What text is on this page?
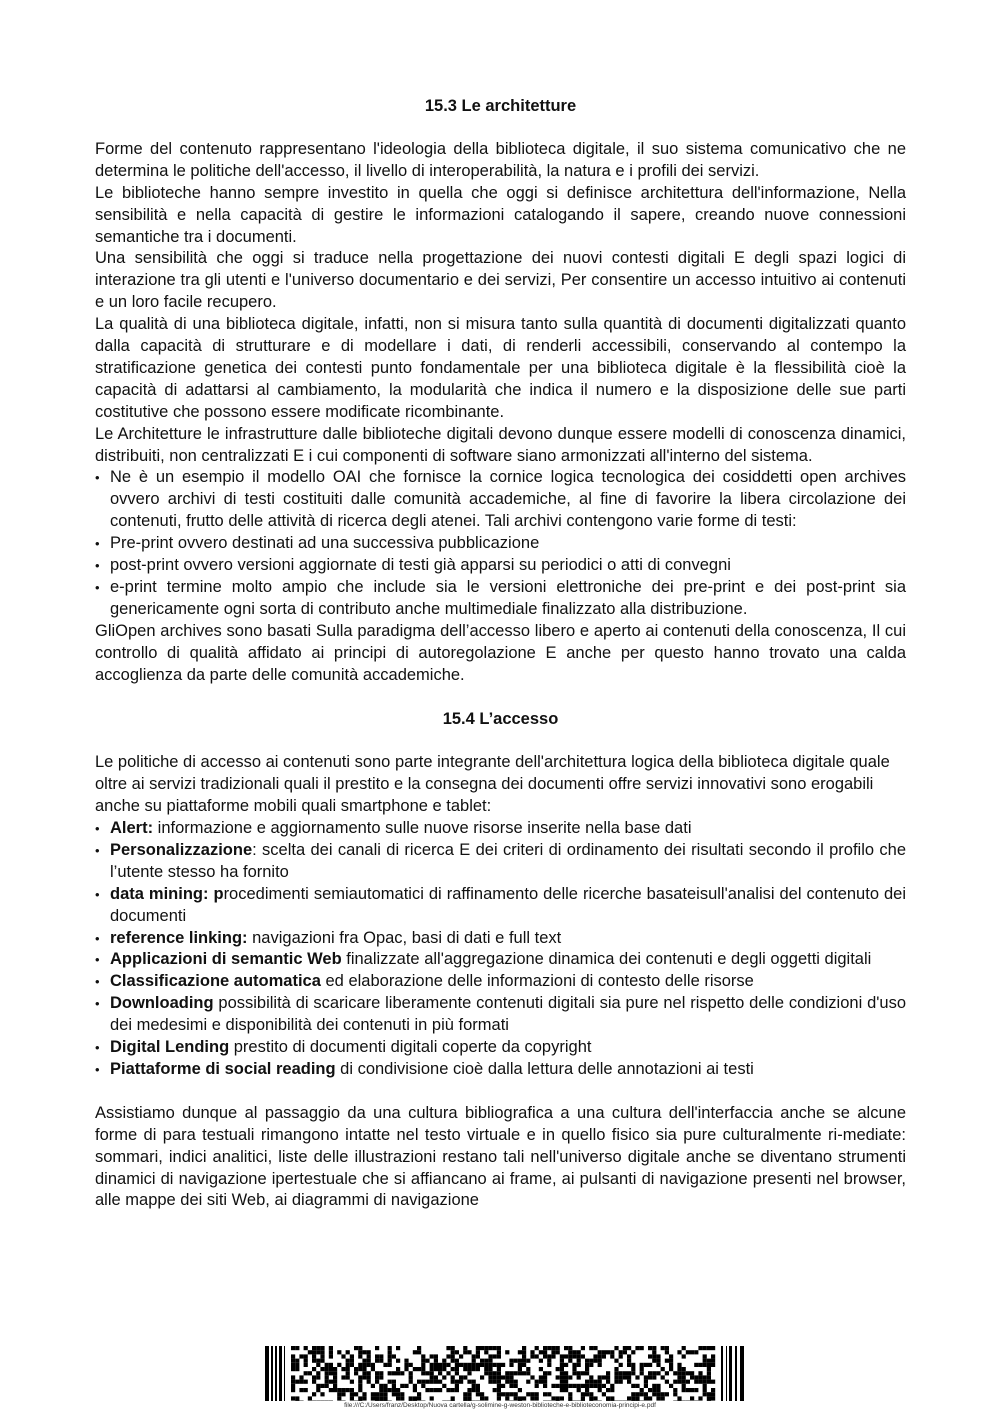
15.3 Le architetture

Forme del contenuto rappresentano l'ideologia della biblioteca digitale, il suo sistema comunicativo che ne determina le politiche dell'accesso, il livello di interoperabilità, la natura e i profili dei servizi.

Le biblioteche hanno sempre investito in quella che oggi si definisce architettura dell'informazione, Nella sensibilità e nella capacità di gestire le informazioni catalogando il sapere, creando nuove connessioni semantiche tra i documenti.

Una sensibilità che oggi si traduce nella progettazione dei nuovi contesti digitali E degli spazi logici di interazione tra gli utenti e l'universo documentario e dei servizi, Per consentire un accesso intuitivo ai contenuti e un loro facile recupero.

La qualità di una biblioteca digitale, infatti, non si misura tanto sulla quantità di documenti digitalizzati quanto dalla capacità di strutturare e di modellare i dati, di renderli accessibili, conservando al contempo la stratificazione genetica dei contesti punto fondamentale per una biblioteca digitale è la flessibilità cioè la capacità di adattarsi al cambiamento, la modularità che indica il numero e la disposizione delle sue parti costitutive che possono essere modificate ricombinante.

Le Architetture le infrastrutture dalle biblioteche digitali devono dunque essere modelli di conoscenza dinamici, distribuiti, non centralizzati E i cui componenti di software siano armonizzati all'interno del sistema.

• Ne è un esempio il modello OAI che fornisce la cornice logica tecnologica dei cosiddetti open archives ovvero archivi di testi costituiti dalle comunità accademiche, al fine di favorire la libera circolazione dei contenuti, frutto delle attività di ricerca degli atenei. Tali archivi contengono varie forme di testi:
• Pre-print ovvero destinati ad una successiva pubblicazione
• post-print ovvero versioni aggiornate di testi già apparsi su periodici o atti di convegni
• e-print termine molto ampio che include sia le versioni elettroniche dei pre-print e dei post-print sia genericamente ogni sorta di contributo anche multimediale finalizzato alla distribuzione.

GliOpen archives sono basati Sulla paradigma dell’accesso libero e aperto ai contenuti della conoscenza, Il cui controllo di qualità affidato ai principi di autoregolazione E anche per questo hanno trovato una calda accoglienza da parte delle comunità accademiche.

15.4 L’accesso

Le politiche di accesso ai contenuti sono parte integrante dell'architettura logica della biblioteca digitale quale oltre ai servizi tradizionali quali il prestito e la consegna dei documenti offre servizi innovativi sono erogabili anche su piattaforme mobili quali smartphone e tablet:

• Alert: informazione e aggiornamento sulle nuove risorse inserite nella base dati
• Personalizzazione: scelta dei canali di ricerca E dei criteri di ordinamento dei risultati secondo il profilo che l’utente stesso ha fornito
• data mining: procedimenti semiautomatici di raffinamento delle ricerche basateisull'analisi del contenuto dei documenti
• reference linking: navigazioni fra Opac, basi di dati e full text
• Applicazioni di semantic Web finalizzate all'aggregazione dinamica dei contenuti e degli oggetti digitali
• Classificazione automatica ed elaborazione delle informazioni di contesto delle risorse
• Downloading possibilità di scaricare liberamente contenuti digitali sia pure nel rispetto delle condizioni d'uso dei medesimi e disponibilità dei contenuti in più formati
• Digital Lending prestito di documenti digitali coperte da copyright
• Piattaforme di social reading di condivisione cioè dalla lettura delle annotazioni ai testi

Assistiamo dunque al passaggio da una cultura bibliografica a una cultura dell'interfaccia anche se alcune forme di para testuali rimangono intatte nel testo virtuale e in quello fisico sia pure culturalmente ri-mediate: sommari, indici analitici, liste delle illustrazioni restano tali nell'universo digitale anche se diventano strumenti dinamici di navigazione ipertestuale che si affiancano ai frame, ai pulsanti di navigazione presenti nel browser, alle mappe dei siti Web, ai diagrammi di navigazione

file:///C:/Users/franz/Desktop/Nuova cartella/g-solimine-g-weston-biblioteche-e-biblioteconomia-principi-e.pdf
